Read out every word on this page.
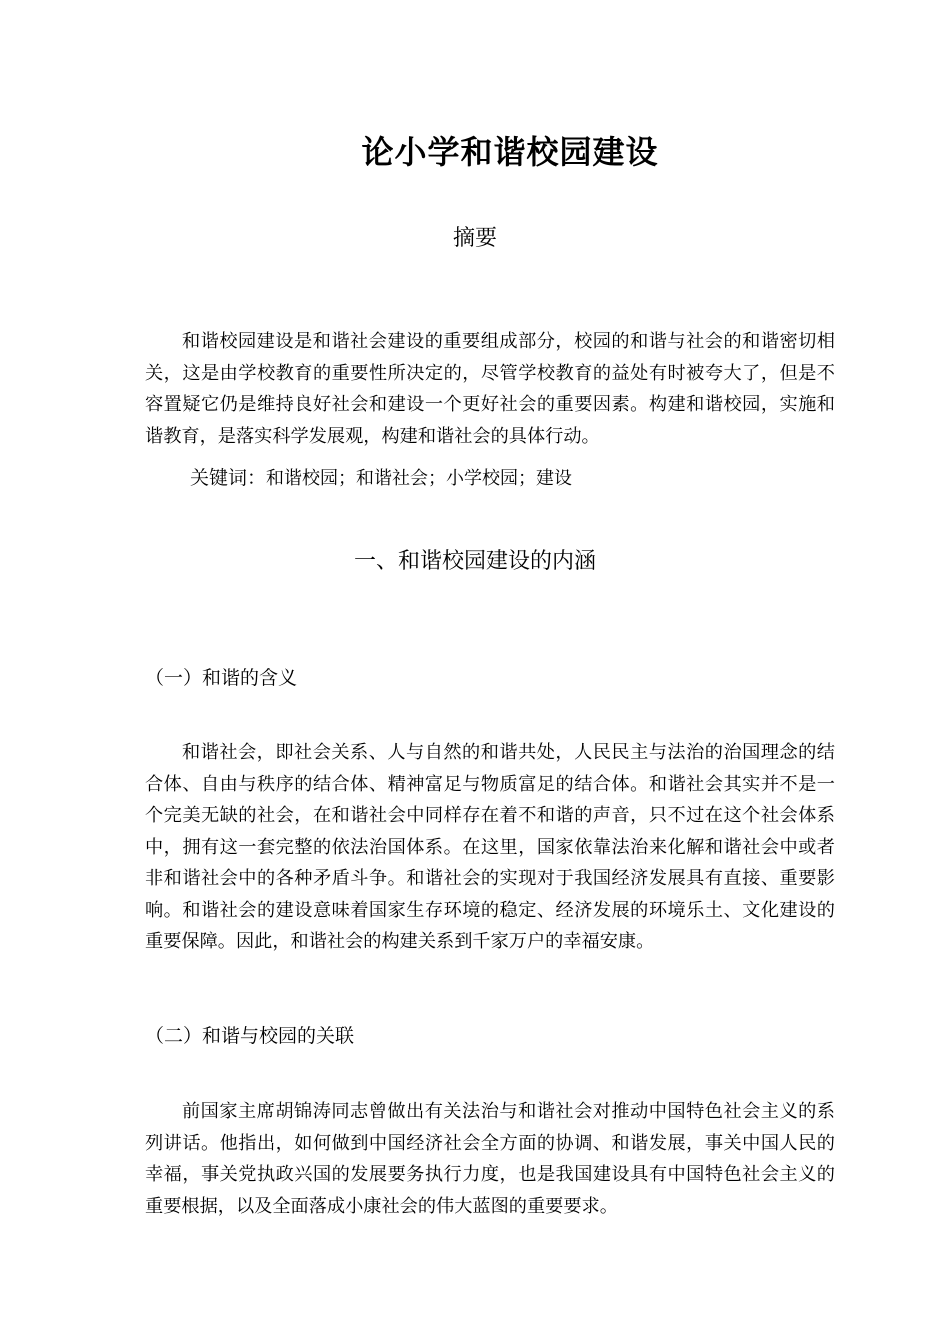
论小学和谐校园建设
摘要

和谐校园建设是和谐社会建设的重要组成部分，校园的和谐与社会的和谐密切相关，这是由学校教育的重要性所决定的，尽管学校教育的益处有时被夸大了，但是不容置疑它仍是维持良好社会和建设一个更好社会的重要因素。构建和谐校园，实施和谐教育，是落实科学发展观，构建和谐社会的具体行动。

关键词：和谐校园；和谐社会；小学校园；建设
一、和谐校园建设的内涵
（一）和谐的含义

和谐社会，即社会关系、人与自然的和谐共处，人民民主与法治的治国理念的结合体、自由与秩序的结合体、精神富足与物质富足的结合体。和谐社会其实并不是一个完美无缺的社会，在和谐社会中同样存在着不和谐的声音，只不过在这个社会体系中，拥有这一套完整的依法治国体系。在这里，国家依靠法治来化解和谐社会中或者非和谐社会中的各种矛盾斗争。和谐社会的实现对于我国经济发展具有直接、重要影响。和谐社会的建设意味着国家生存环境的稳定、经济发展的环境乐土、文化建设的重要保障。因此，和谐社会的构建关系到千家万户的幸福安康。

（二）和谐与校园的关联

前国家主席胡锦涛同志曾做出有关法治与和谐社会对推动中国特色社会主义的系列讲话。他指出，如何做到中国经济社会全方面的协调、和谐发展，事关中国人民的幸福，事关党执政兴国的发展要务执行力度，也是我国建设具有中国特色社会主义的重要根据，以及全面落成小康社会的伟大蓝图的重要要求。
